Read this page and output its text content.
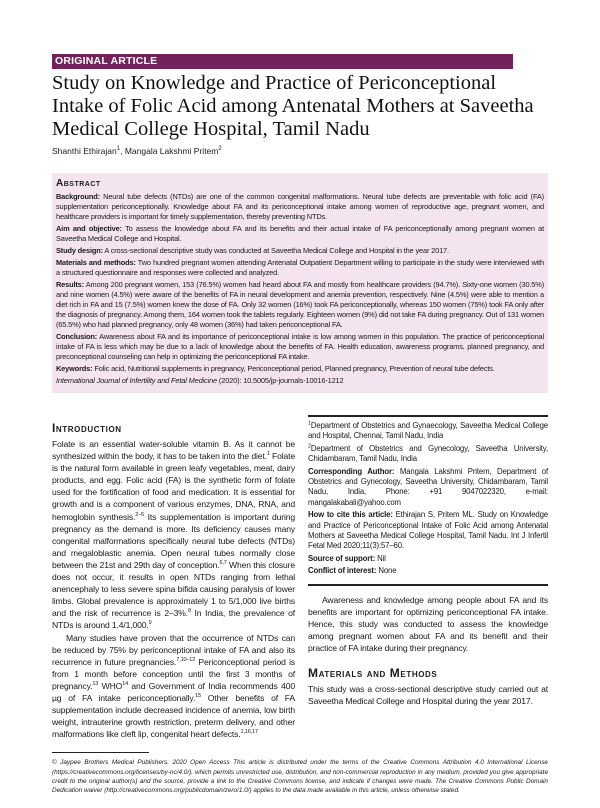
ORIGINAL ARTICLE
Study on Knowledge and Practice of Periconceptional Intake of Folic Acid among Antenatal Mothers at Saveetha Medical College Hospital, Tamil Nadu
Shanthi Ethirajan$^1$, Mangala Lakshmi Pritem$^2$
Abstract

Background: Neural tube defects (NTDs) are one of the common congenital malformations. Neural tube defects are preventable with folic acid (FA) supplementation periconceptionally. Knowledge about FA and its periconceptional intake among women of reproductive age, pregnant women, and healthcare providers is important for timely supplementation, thereby preventing NTDs.

Aim and objective: To assess the knowledge about FA and its benefits and their actual intake of FA periconceptionally among pregnant women at Saveetha Medical College and Hospital.

Study design: A cross-sectional descriptive study was conducted at Saveetha Medical College and Hospital in the year 2017.

Materials and methods: Two hundred pregnant women attending Antenatal Outpatient Department willing to participate in the study were interviewed with a structured questionnaire and responses were collected and analyzed.

Results: Among 200 pregnant women, 153 (76.5%) women had heard about FA and mostly from healthcare providers (94.7%). Sixty-one women (30.5%) and nine women (4.5%) were aware of the benefits of FA in neural development and anemia prevention, respectively. Nine (4.5%) were able to mention a diet rich in FA and 15 (7.5%) women knew the dose of FA. Only 32 women (16%) took FA periconceptionally, whereas 150 women (75%) took FA only after the diagnosis of pregnancy. Among them, 164 women took the tablets regularly. Eighteen women (9%) did not take FA during pregnancy. Out of 131 women (65.5%) who had planned pregnancy, only 48 women (36%) had taken periconceptional FA.

Conclusion: Awareness about FA and its importance of periconceptional intake is low among women in this population. The practice of periconceptional intake of FA is less which may be due to a lack of knowledge about the benefits of FA. Health education, awareness programs, planned pregnancy, and preconceptional counseling can help in optimizing the periconceptional FA intake.

Keywords: Folic acid, Nutritional supplements in pregnancy, Periconceptional period, Planned pregnancy, Prevention of neural tube defects.

International Journal of Infertility and Fetal Medicine (2020): 10.5005/jp-journals-10016-1212

Introduction

Folate is an essential water-soluble vitamin B. As it cannot be synthesized within the body, it has to be taken into the diet.$^1$ Folate is the natural form available in green leafy vegetables, meat, dairy products, and egg. Folic acid (FA) is the synthetic form of folate used for the fortification of food and medication. It is essential for growth and is a component of various enzymes, DNA, RNA, and hemoglobin synthesis.$^{2-5}$ Its supplementation is important during pregnancy as the demand is more. Its deficiency causes many congenital malformations specifically neural tube defects (NTDs) and megaloblastic anemia. Open neural tubes normally close between the 21st and 29th day of conception.$^{6,7}$ When this closure does not occur, it results in open NTDs ranging from lethal anencephaly to less severe spina bifida causing paralysis of lower limbs. Global prevalence is approximately 1 to 5/1,000 live births and the risk of recurrence is 2–3%.$^8$ In India, the prevalence of NTDs is around 1.4/1,000.$^9$

Many studies have proven that the occurrence of NTDs can be reduced by 75% by periconceptional intake of FA and also its recurrence in future pregnancies.$^{7,10-12}$ Periconceptional period is from 1 month before conception until the first 3 months of pregnancy.$^{13}$ WHO$^{14}$ and Government of India recommends 400 µg of FA intake periconceptionally.$^{15}$ Other benefits of FA supplementation include decreased incidence of anemia, low birth weight, intrauterine growth restriction, preterm delivery, and other malformations like cleft lip, congenital heart defects.$^{1,16,17}$

$^1$Department of Obstetrics and Gynaecology, Saveetha Medical College and Hospital, Chennai, Tamil Nadu, India

$^2$Department of Obstetrics and Gynecology, Saveetha University, Chidambaram, Tamil Nadu, India

Corresponding Author: Mangala Lakshmi Pritem, Department of Obstetrics and Gynecology, Saveetha University, Chidambaram, Tamil Nadu, India, Phone: +91 9047022320, e-mail: mangalakabali@yahoo.com

How to cite this article: Ethirajan S, Pritem ML. Study on Knowledge and Practice of Periconceptional Intake of Folic Acid among Antenatal Mothers at Saveetha Medical College Hospital, Tamil Nadu. Int J Infertil Fetal Med 2020;11(3):57–60.

Source of support: Nil

Conflict of interest: None

Awareness and knowledge among people about FA and its benefits are important for optimizing periconceptional FA intake. Hence, this study was conducted to assess the knowledge among pregnant women about FA and its benefit and their practice of FA intake during their pregnancy.

Materials and Methods

This study was a cross-sectional descriptive study carried out at Saveetha Medical College and Hospital during the year 2017.

© Jaypee Brothers Medical Publishers. 2020 Open Access This article is distributed under the terms of the Creative Commons Attribution 4.0 International License (https://creativecommons.org/licenses/by-nc/4.0/), which permits unrestricted use, distribution, and non-commercial reproduction in any medium, provided you give appropriate credit to the original author(s) and the source, provide a link to the Creative Commons license, and indicate if changes were made. The Creative Commons Public Domain Dedication waiver (http://creativecommons.org/publicdomain/zero/1.0/) applies to the data made available in this article, unless otherwise stated.
